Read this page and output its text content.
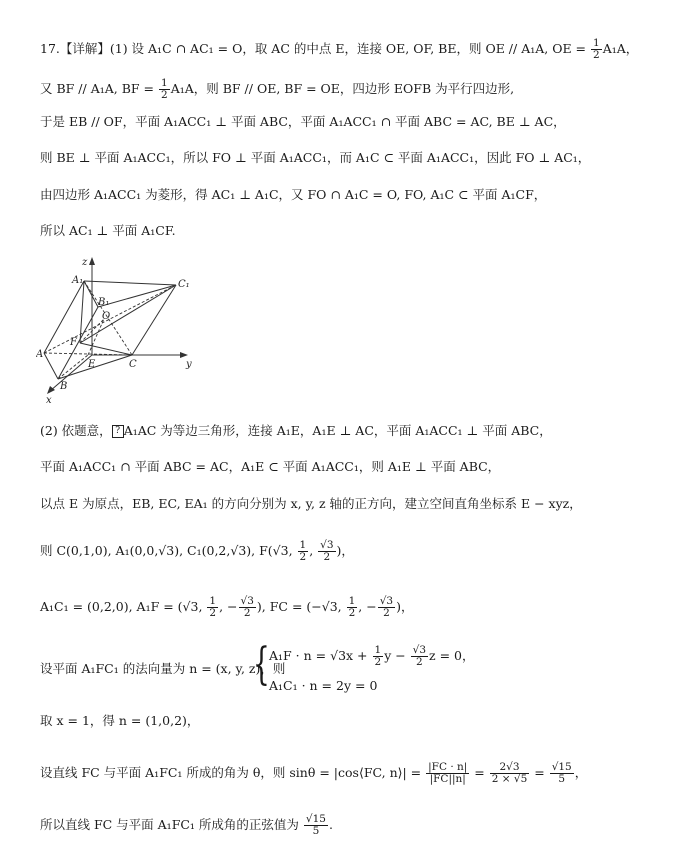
17.【详解】(1) 设 A₁C ∩ AC₁ = O，取 AC 的中点 E，连接 OE, OF, BE，则 OE // A₁A, OE = $\frac{1}{2} A_1A$，
又 BF // A₁A, BF = $\frac{1}{2} A_1A$，则 BF // OE, BF = OE，四边形 EOFB 为平行四边形,
于是 EB // OF，平面 A₁ACC₁ ⊥ 平面 ABC，平面 A₁ACC₁ ∩ 平面 ABC = AC, BE ⊥ AC，
则 BE ⊥ 平面 A₁ACC₁，所以 FO ⊥ 平面 A₁ACC₁，而 A₁C ⊂ 平面 A₁ACC₁，因此 FO ⊥ AC₁，
由四边形 A₁ACC₁ 为菱形，得 AC₁ ⊥ A₁C，又 FO ∩ A₁C = O, FO, A₁C ⊂ 平面 A₁CF，
所以 AC₁ ⊥ 平面 A₁CF.
z
A₁	C₁
B₁
O
F
A
E	C
B
x
y
(2) 依题意， ? A₁AC 为等边三角形，连接 A₁E，A₁E ⊥ AC，平面 A₁ACC₁ ⊥ 平面 ABC，
平面 A₁ACC₁ ∩ 平面 ABC = AC，A₁E ⊂ 平面 A₁ACC₁，则 A₁E ⊥ 平面 ABC，
以点 E 为原点，EB, EC, EA₁ 的方向分别为 x, y, z 轴的正方向，建立空间直角坐标系 E − xyz，
则 C(0,1,0), A₁(0,0,√3), C₁(0,2,√3), F(√3, $\frac{1}{2}$ , $\frac{√3}{2}$ )，
A₁C₁ = (0,2,0), A₁F = (√3, $\frac{1}{2}$ , − $\frac{√3}{2}$ ), FC = (−√3, $\frac{1}{2}$ , − $\frac{√3}{2}$ )，
设平面 A₁FC₁ 的法向量为 n = (x, y, z)，则
{ $A_1F \cdot n = √3x + \frac{1}{2}$ $y - \frac{√3}{2}$ z = 0，
A₁C₁ · n = 2y = 0
取 x = 1，得 n = (1,0,2)，
设直线 FC 与平面 A₁FC₁ 所成的角为 θ，则 sinθ = |cos⟨FC, n⟩| = $\frac{|FC \cdot n|}{|FC||n|} = \frac{2√3}{2 \times √5} = \frac{√15}{5}$ ，
所以直线 FC 与平面 A₁FC₁ 所成角的正弦值为 $\frac{√15}{5}$ .
